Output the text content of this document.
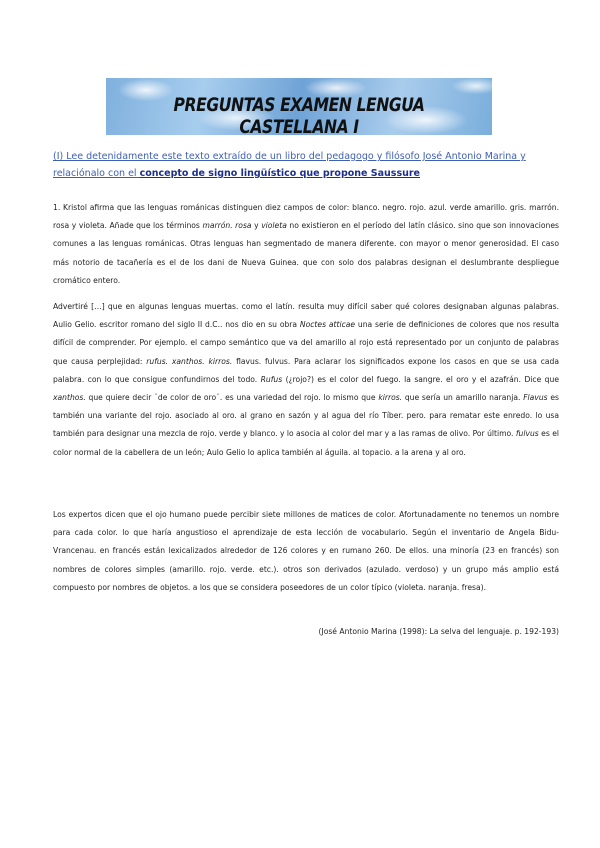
PREGUNTAS EXAMEN LENGUA CASTELLANA I
(I) Lee detenidamente este texto extraído de un libro del pedagogo y filósofo José Antonio Marina y relaciónalo con el concepto de signo lingüístico que propone Saussure

1. Kristol afirma que las lenguas románicas distinguen diez campos de color: blanco. negro. rojo. azul. verde amarillo. gris. marrón. rosa y violeta. Añade que los términos marrón. rosa y violeta no existieron en el período del latín clásico. sino que son innovaciones comunes a las lenguas románicas. Otras lenguas han segmentado de manera diferente. con mayor o menor generosidad. El caso más notorio de tacañería es el de los dani de Nueva Guinea. que con solo dos palabras designan el deslumbrante despliegue cromático entero.

Advertiré […] que en algunas lenguas muertas. como el latín. resulta muy difícil saber qué colores designaban algunas palabras. Aulio Gelio. escritor romano del siglo II d.C.. nos dio en su obra Noctes atticae una serie de definiciones de colores que nos resulta difícil de comprender. Por ejemplo. el campo semántico que va del amarillo al rojo está representado por un conjunto de palabras que causa perplejidad: rufus. xanthos. kirros. flavus. fulvus. Para aclarar los significados expone los casos en que se usa cada palabra. con lo que consigue confundirnos del todo. Rufus (¿rojo?) es el color del fuego. la sangre. el oro y el azafrán. Dice que xanthos. que quiere decir ¨de color de oro¨. es una variedad del rojo. lo mismo que kirros. que sería un amarillo naranja. Flavus es también una variante del rojo. asociado al oro. al grano en sazón y al agua del río Tíber. pero. para rematar este enredo. lo usa también para designar una mezcla de rojo. verde y blanco. y lo asocia al color del mar y a las ramas de olivo. Por último. fulvus es el color normal de la cabellera de un león; Aulo Gelio lo aplica también al águila. al topacio. a la arena y al oro.

Los expertos dicen que el ojo humano puede percibir siete millones de matices de color. Afortunadamente no tenemos un nombre para cada color. lo que haría angustioso el aprendizaje de esta lección de vocabulario. Según el inventario de Angela Bidu-Vrancenau. en francés están lexicalizados alrededor de 126 colores y en rumano 260. De ellos. una minoría (23 en francés) son nombres de colores simples (amarillo. rojo. verde. etc.). otros son derivados (azulado. verdoso) y un grupo más amplio está compuesto por nombres de objetos. a los que se considera poseedores de un color típico (violeta. naranja. fresa).

(José Antonio Marina (1998): La selva del lenguaje. p. 192-193)
